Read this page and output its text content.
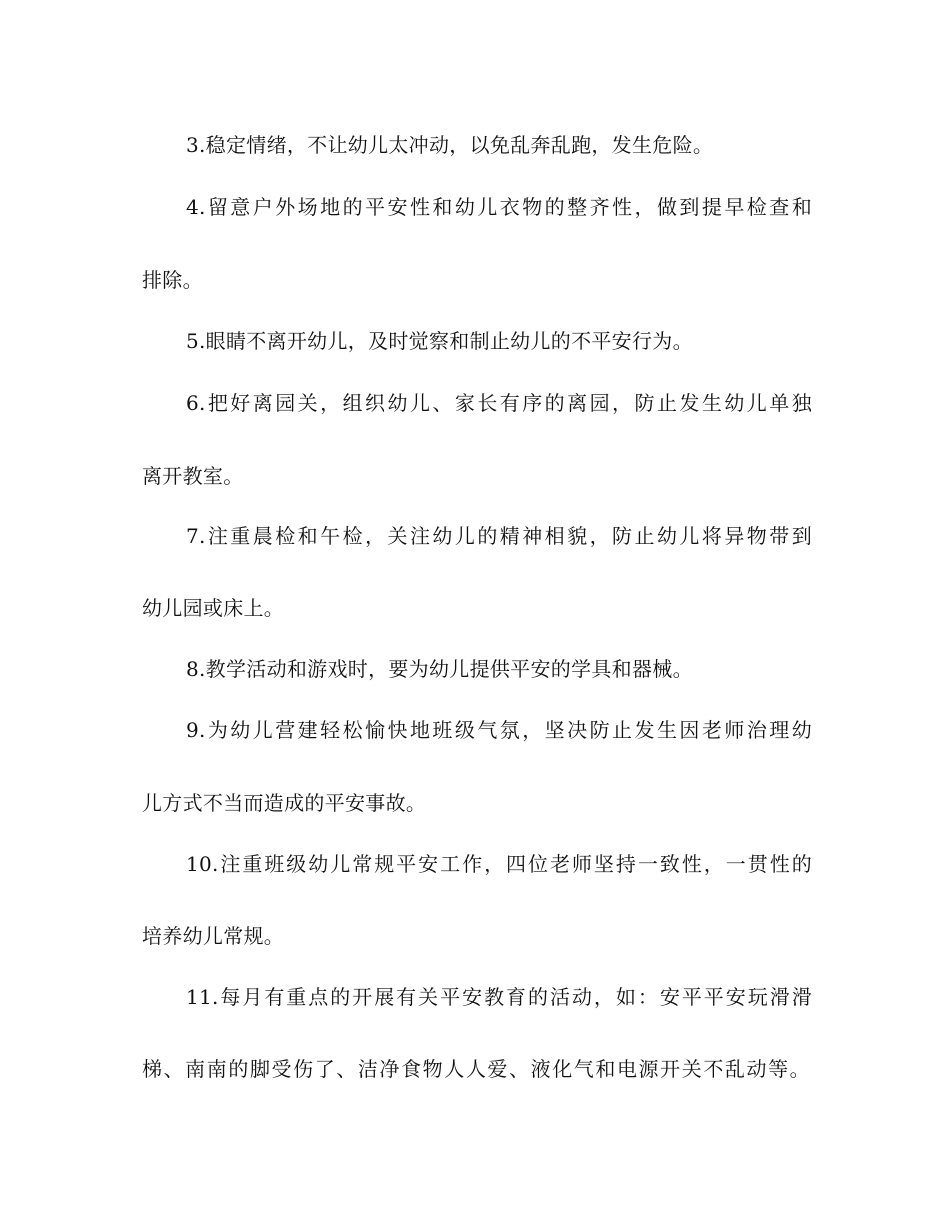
3.稳定情绪，不让幼儿太冲动，以免乱奔乱跑，发生危险。
4.留意户外场地的平安性和幼儿衣物的整齐性，做到提早检查和
排除。
5.眼睛不离开幼儿，及时觉察和制止幼儿的不平安行为。
6.把好离园关，组织幼儿、家长有序的离园，防止发生幼儿单独
离开教室。
7.注重晨检和午检，关注幼儿的精神相貌，防止幼儿将异物带到
幼儿园或床上。
8.教学活动和游戏时，要为幼儿提供平安的学具和器械。
9.为幼儿营建轻松愉快地班级气氛，坚决防止发生因老师治理幼
儿方式不当而造成的平安事故。
10.注重班级幼儿常规平安工作，四位老师坚持一致性，一贯性的
培养幼儿常规。
11.每月有重点的开展有关平安教育的活动，如：安平平安玩滑滑
梯、南南的脚受伤了、洁净食物人人爱、液化气和电源开关不乱动等。
